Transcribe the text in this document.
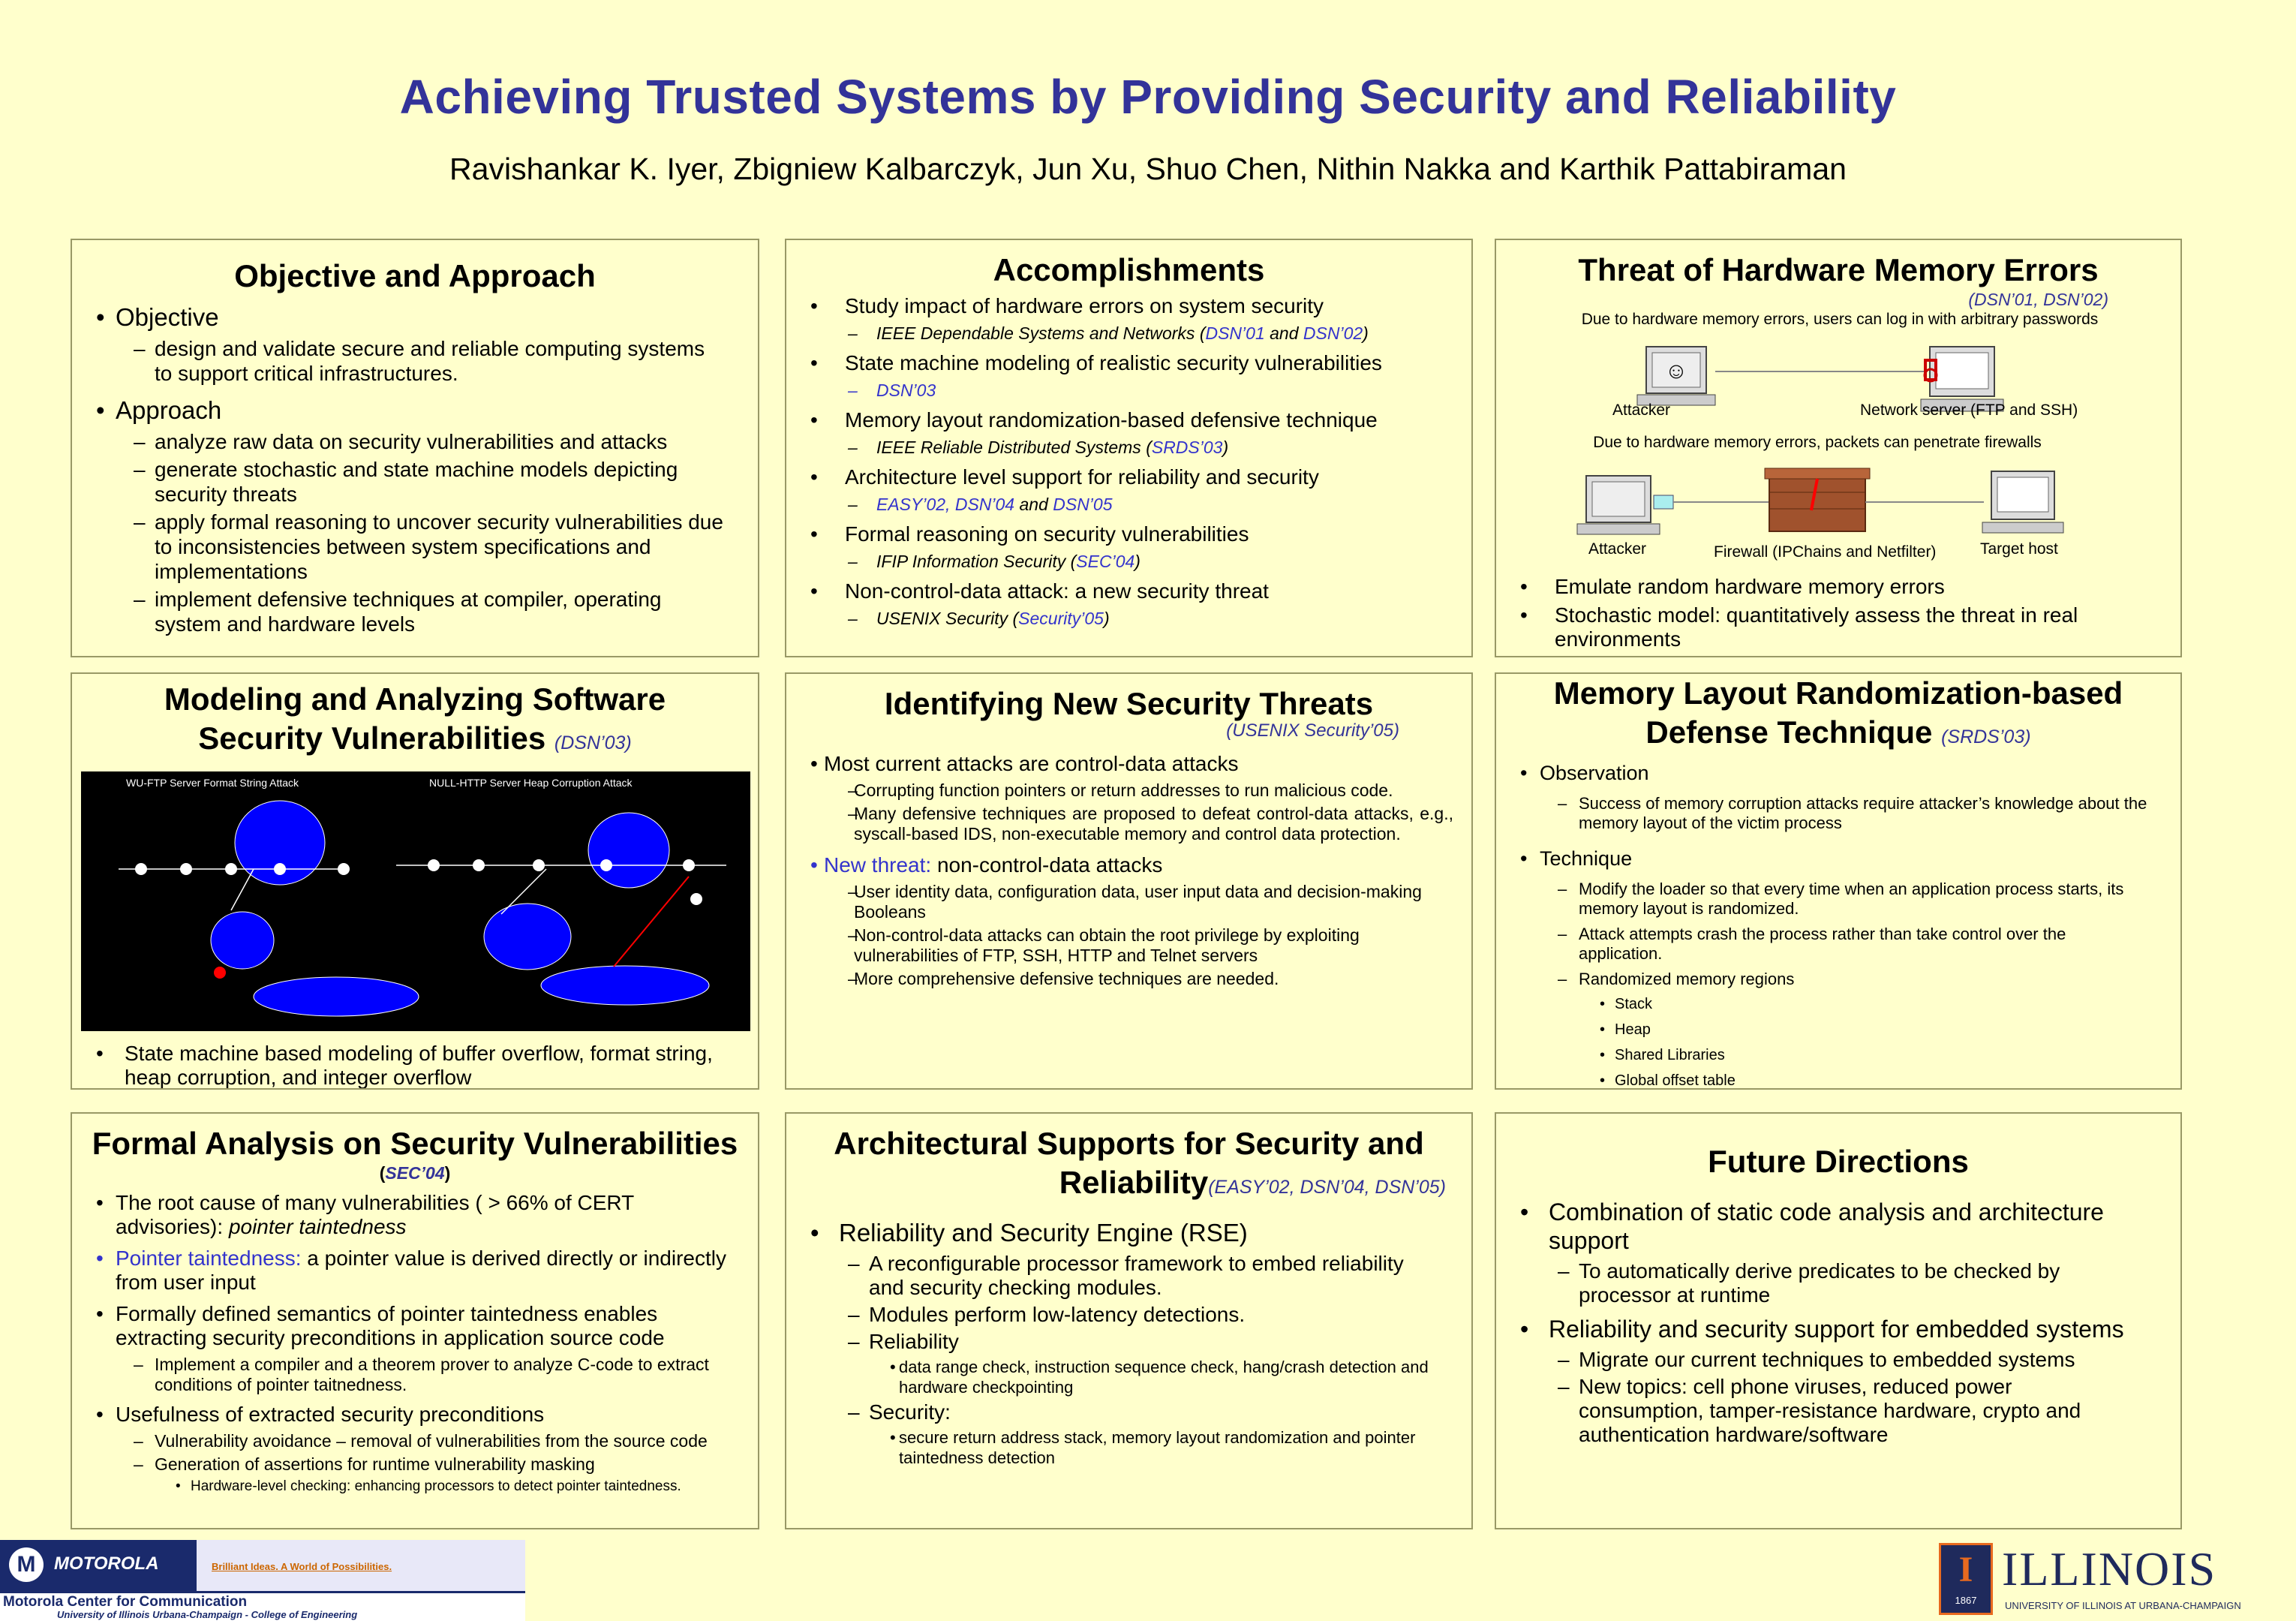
Achieving Trusted Systems by Providing Security and Reliability
Ravishankar K. Iyer, Zbigniew Kalbarczyk, Jun Xu, Shuo Chen, Nithin Nakka and Karthik Pattabiraman
Objective and Approach
• Objective
– design and validate secure and reliable computing systems to support critical infrastructures.
• Approach
– analyze raw data on security vulnerabilities and attacks
– generate stochastic and state machine models depicting security threats
– apply formal reasoning to uncover security vulnerabilities due to inconsistencies between system specifications and implementations
– implement defensive techniques at compiler, operating system and hardware levels
Accomplishments
• Study impact of hardware errors on system security
– IEEE Dependable Systems and Networks (DSN’01 and DSN’02)
• State machine modeling of realistic security vulnerabilities
– DSN’03
• Memory layout randomization-based defensive technique
– IEEE Reliable Distributed Systems (SRDS’03)
• Architecture level support for reliability and security
– EASY’02, DSN’04 and DSN’05
• Formal reasoning on security vulnerabilities
– IFIP Information Security (SEC’04)
• Non-control-data attack: a new security threat
– USENIX Security (Security’05)
Threat of Hardware Memory Errors
(DSN’01, DSN’02)
Due to hardware memory errors, users can log in with arbitrary passwords
☺
Attacker	Network server (FTP and SSH)
Due to hardware memory errors, packets can penetrate firewalls
Attacker	Firewall (IPChains and Netfilter)	Target host
• Emulate random hardware memory errors
• Stochastic model: quantitatively assess the threat in real environments
Modeling and Analyzing Software
Security Vulnerabilities (DSN’03)
WU-FTP Server Format String Attack	NULL-HTTP Server Heap Corruption Attack
• State machine based modeling of buffer overflow, format string, heap corruption, and integer overflow
Identifying New Security Threats
(USENIX Security’05)
• Most current attacks are control-data attacks
– Corrupting function pointers or return addresses to run malicious code.
– Many defensive techniques are proposed to defeat control-data attacks, e.g., syscall-based IDS, non-executable memory and control data protection.
• New threat: non-control-data attacks
– User identity data, configuration data, user input data and decision-making Booleans
– Non-control-data attacks can obtain the root privilege by exploiting vulnerabilities of FTP, SSH, HTTP and Telnet servers
– More comprehensive defensive techniques are needed.
Memory Layout Randomization-based
Defense Technique (SRDS’03)
• Observation
– Success of memory corruption attacks require attacker’s knowledge about the memory layout of the victim process
• Technique
– Modify the loader so that every time when an application process starts, its memory layout is randomized.
– Attack attempts crash the process rather than take control over the application.
– Randomized memory regions
• Stack
• Heap
• Shared Libraries
• Global offset table
Formal Analysis on Security Vulnerabilities
(SEC’04)
• The root cause of many vulnerabilities ( > 66% of CERT advisories): pointer taintedness
• Pointer taintedness: a pointer value is derived directly or indirectly from user input
• Formally defined semantics of pointer taintedness enables extracting security preconditions in application source code
– Implement a compiler and a theorem prover to analyze C-code to extract conditions of pointer taitnedness.
• Usefulness of extracted security preconditions
– Vulnerability avoidance – removal of vulnerabilities from the source code
– Generation of assertions for runtime vulnerability masking
• Hardware-level checking: enhancing processors to detect pointer taintedness.
Architectural Supports for Security and
Reliability(EASY’02, DSN’04, DSN’05)
• Reliability and Security Engine (RSE)
– A reconfigurable processor framework to embed reliability and security checking modules.
– Modules perform low-latency detections.
– Reliability
• data range check, instruction sequence check, hang/crash detection and hardware checkpointing
– Security:
• secure return address stack, memory layout randomization and pointer taintedness detection
Future Directions
• Combination of static code analysis and architecture support
– To automatically derive predicates to be checked by processor at runtime
• Reliability and security support for embedded systems
– Migrate our current techniques to embedded systems
– New topics: cell phone viruses, reduced power consumption, tamper-resistance hardware, crypto and authentication hardware/software
M	MOTOROLA	Brilliant Ideas. A World of Possibilities.
Motorola Center for Communication
University of Illinois Urbana-Champaign - College of Engineering
I
1867
ILLINOIS
UNIVERSITY OF ILLINOIS AT URBANA-CHAMPAIGN
